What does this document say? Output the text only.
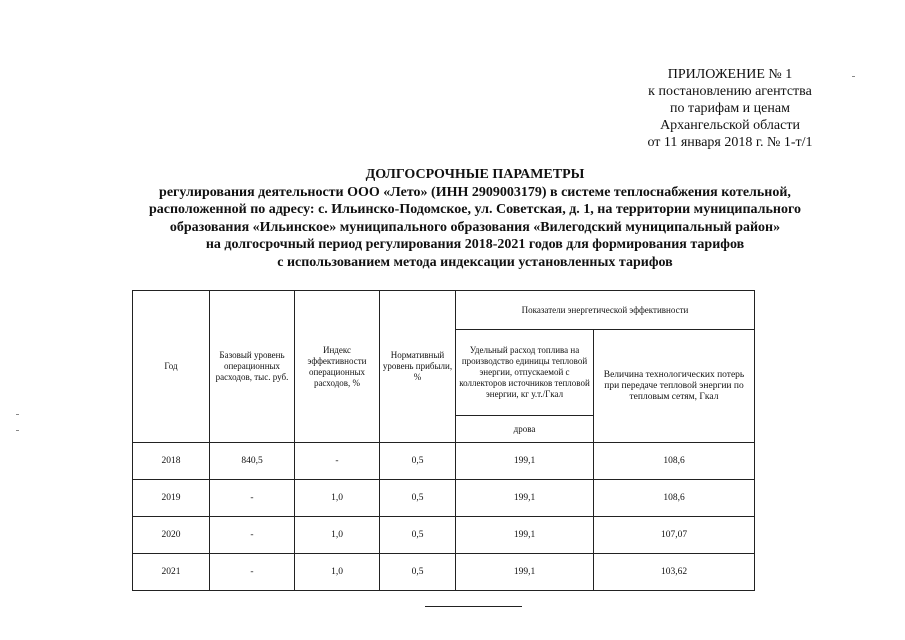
ПРИЛОЖЕНИЕ № 1
к постановлению агентства
по тарифам и ценам
Архангельской области
от 11 января 2018 г. № 1-т/1
ДОЛГОСРОЧНЫЕ ПАРАМЕТРЫ
регулирования деятельности ООО «Лето» (ИНН 2909003179) в системе теплоснабжения котельной,
расположенной по адресу: с. Ильинско-Подомское, ул. Советская, д. 1, на территории муниципального
образования «Ильинское» муниципального образования «Вилегодский муниципальный район»
на долгосрочный период регулирования 2018-2021 годов для формирования тарифов
с использованием метода индексации установленных тарифов
Год	Базовый уровень операционных расходов, тыс. руб.	Индекс эффективности операционных расходов, %	Нормативный уровень прибыли, %	Показатели энергетической эффективности	
				Удельный расход топлива на производство единицы тепловой энергии, отпускаемой с коллекторов источников тепловой энергии, кг у.т./Гкал	Величина технологических потерь при передаче тепловой энергии по тепловым сетям, Гкал
				дрова	
2018	840,5	-	0,5	199,1	108,6
2019	-	1,0	0,5	199,1	108,6
2020	-	1,0	0,5	199,1	107,07
2021	-	1,0	0,5	199,1	103,62
